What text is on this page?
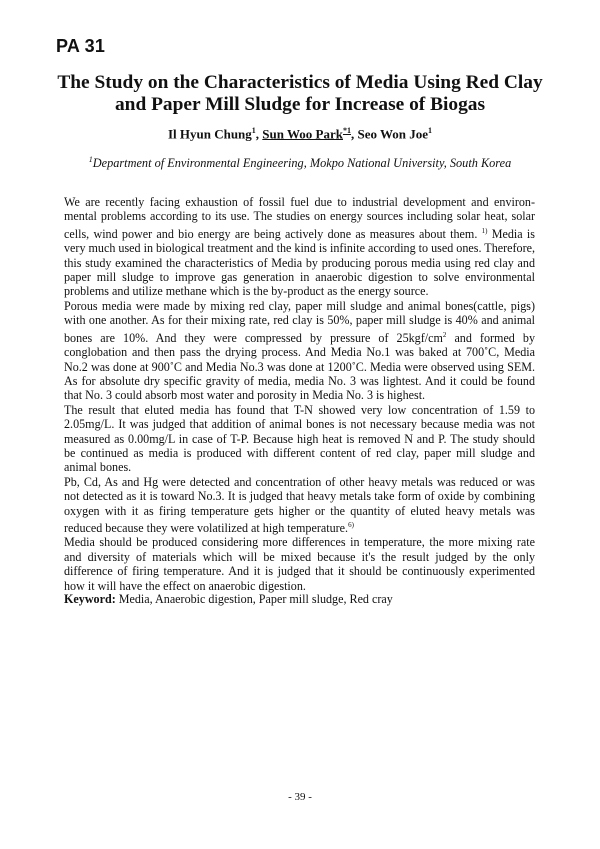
PA 31
The Study on the Characteristics of Media Using Red Clay
and Paper Mill Sludge for Increase of Biogas
Il Hyun Chung$^1$, Sun Woo Park$^{*1}$, Seo Won Joe$^1$
$^1$Department of Environmental Engineering, Mokpo National University, South Korea

We are recently facing exhaustion of fossil fuel due to industrial development and environ-mental problems according to its use. The studies on energy sources including solar heat, solar cells, wind power and bio energy are being actively done as measures about them. $^{1)}$ Media is very much used in biological treatment and the kind is infinite according to used ones. Therefore, this study examined the characteristics of Media by producing porous media using red clay and paper mill sludge to improve gas generation in anaerobic digestion to solve environmental problems and utilize methane which is the by-product as the energy source.

Porous media were made by mixing red clay, paper mill sludge and animal bones(cattle, pigs) with one another. As for their mixing rate, red clay is 50%, paper mill sludge is 40% and animal bones are 10%. And they were compressed by pressure of $25kgf/cm^2$ and formed by conglobation and then pass the drying process. And Media No.1 was baked at 700˚C, Media No.2 was done at 900˚C and Media No.3 was done at 1200˚C. Media were observed using SEM. As for absolute dry specific gravity of media, media No. 3 was lightest. And it could be found that No. 3 could absorb most water and porosity in Media No. 3 is highest.

The result that eluted media has found that T-N showed very low concentration of 1.59 to 2.05mg/L. It was judged that addition of animal bones is not necessary because media was not measured as 0.00mg/L in case of T-P. Because high heat is removed N and P. The study should be continued as media is produced with different content of red clay, paper mill sludge and animal bones.

Pb, Cd, As and Hg were detected and concentration of other heavy metals was reduced or was not detected as it is toward No.3. It is judged that heavy metals take form of oxide by combining oxygen with it as firing temperature gets higher or the quantity of eluted heavy metals was reduced because they were volatilized at high temperature.$^{6)}$

Media should be produced considering more differences in temperature, the more mixing rate and diversity of materials which will be mixed because it's the result judged by the only difference of firing temperature. And it is judged that it should be continuously experimented how it will have the effect on anaerobic digestion.

Keyword: Media, Anaerobic digestion, Paper mill sludge, Red cray
- 39 -
